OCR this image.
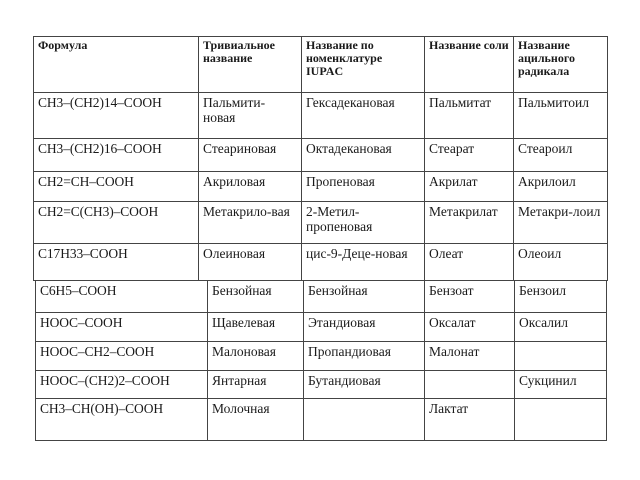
Формула	Тривиальное название	Название по номенклатуре IUPAC	Название соли	Название ацильного радикала
CH3–(CH2)14–COOH	Пальмити-новая	Гексадекановая	Пальмитат	Пальмитоил
CH3–(CH2)16–COOH	Стеариновая	Октадекановая	Стеарат	Стеароил
CH2=CH–COOH	Акриловая	Пропеновая	Акрилат	Акрилоил
CH2=C(CH3)–COOH	Метакрило-вая	2-Метил-пропеновая	Метакрилат	Метакри-лоил
C17H33–COOH	Олеиновая	цис-9-Деце-новая	Олеат	Олеоил
C6H5–COOH	Бензойная	Бензойная	Бензоат	Бензоил
HOOC–COOH	Щавелевая	Этандиовая	Оксалат	Оксалил
HOOC–CH2–COOH	Малоновая	Пропандиовая	Малонат	
HOOC–(CH2)2–COOH	Янтарная	Бутандиовая		Сукцинил
CH3–CH(OH)–COOH	Молочная		Лактат	
